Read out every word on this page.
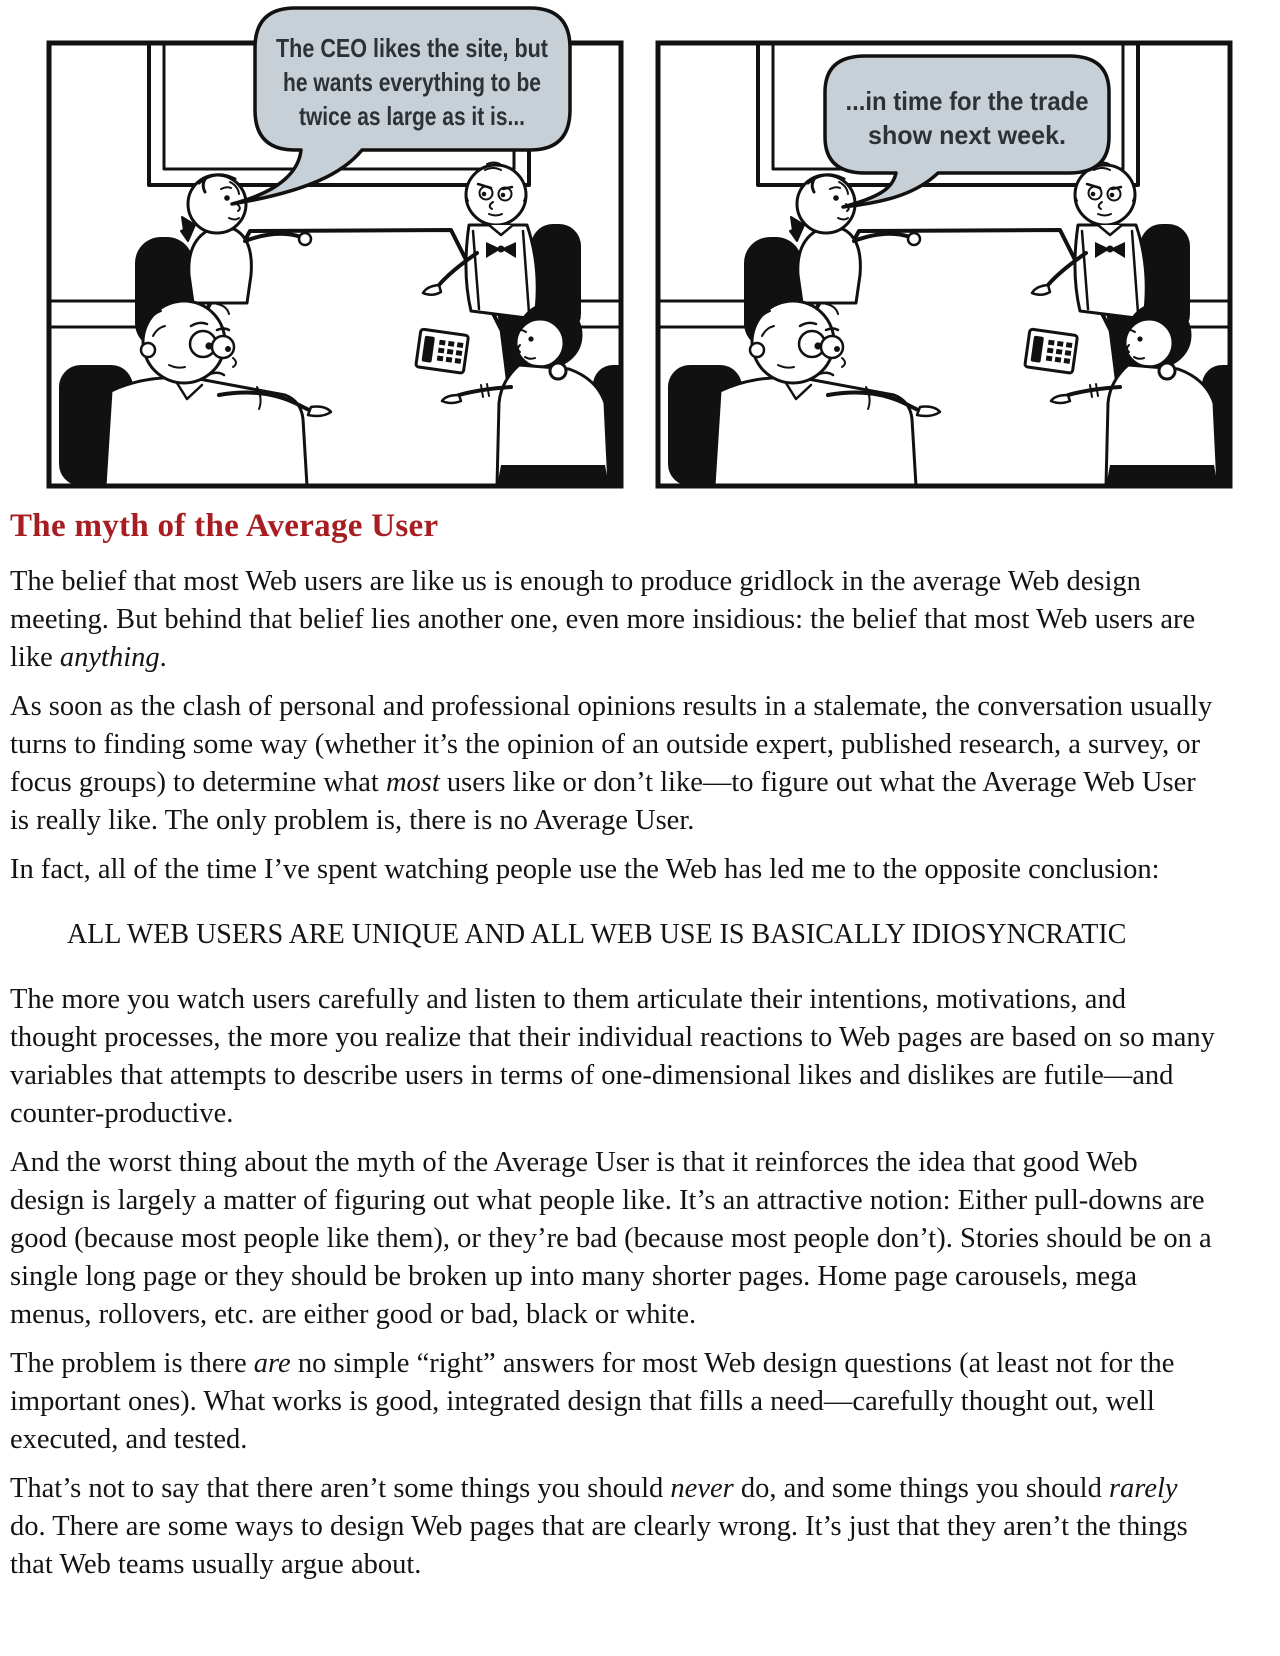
The CEO likes the site, but
he wants everything to be
twice as large as it is...	...in time for the trade
show next week.
The myth of the Average User

The belief that most Web users are like us is enough to produce gridlock in the average Web design meeting. But behind that belief lies another one, even more insidious: the belief that most Web users are like anything.

As soon as the clash of personal and professional opinions results in a stalemate, the conversation usually turns to finding some way (whether it’s the opinion of an outside expert, published research, a survey, or focus groups) to determine what most users like or don’t like—to figure out what the Average Web User is really like. The only problem is, there is no Average User.

In fact, all of the time I’ve spent watching people use the Web has led me to the opposite conclusion:

ALL WEB USERS ARE UNIQUE AND ALL WEB USE IS BASICALLY IDIOSYNCRATIC

The more you watch users carefully and listen to them articulate their intentions, motivations, and thought processes, the more you realize that their individual reactions to Web pages are based on so many variables that attempts to describe users in terms of one-dimensional likes and dislikes are futile—and counter-productive.

And the worst thing about the myth of the Average User is that it reinforces the idea that good Web design is largely a matter of figuring out what people like. It’s an attractive notion: Either pull-downs are good (because most people like them), or they’re bad (because most people don’t). Stories should be on a single long page or they should be broken up into many shorter pages. Home page carousels, mega menus, rollovers, etc. are either good or bad, black or white.

The problem is there are no simple “right” answers for most Web design questions (at least not for the important ones). What works is good, integrated design that fills a need—carefully thought out, well executed, and tested.

That’s not to say that there aren’t some things you should never do, and some things you should rarely do. There are some ways to design Web pages that are clearly wrong. It’s just that they aren’t the things that Web teams usually argue about.
